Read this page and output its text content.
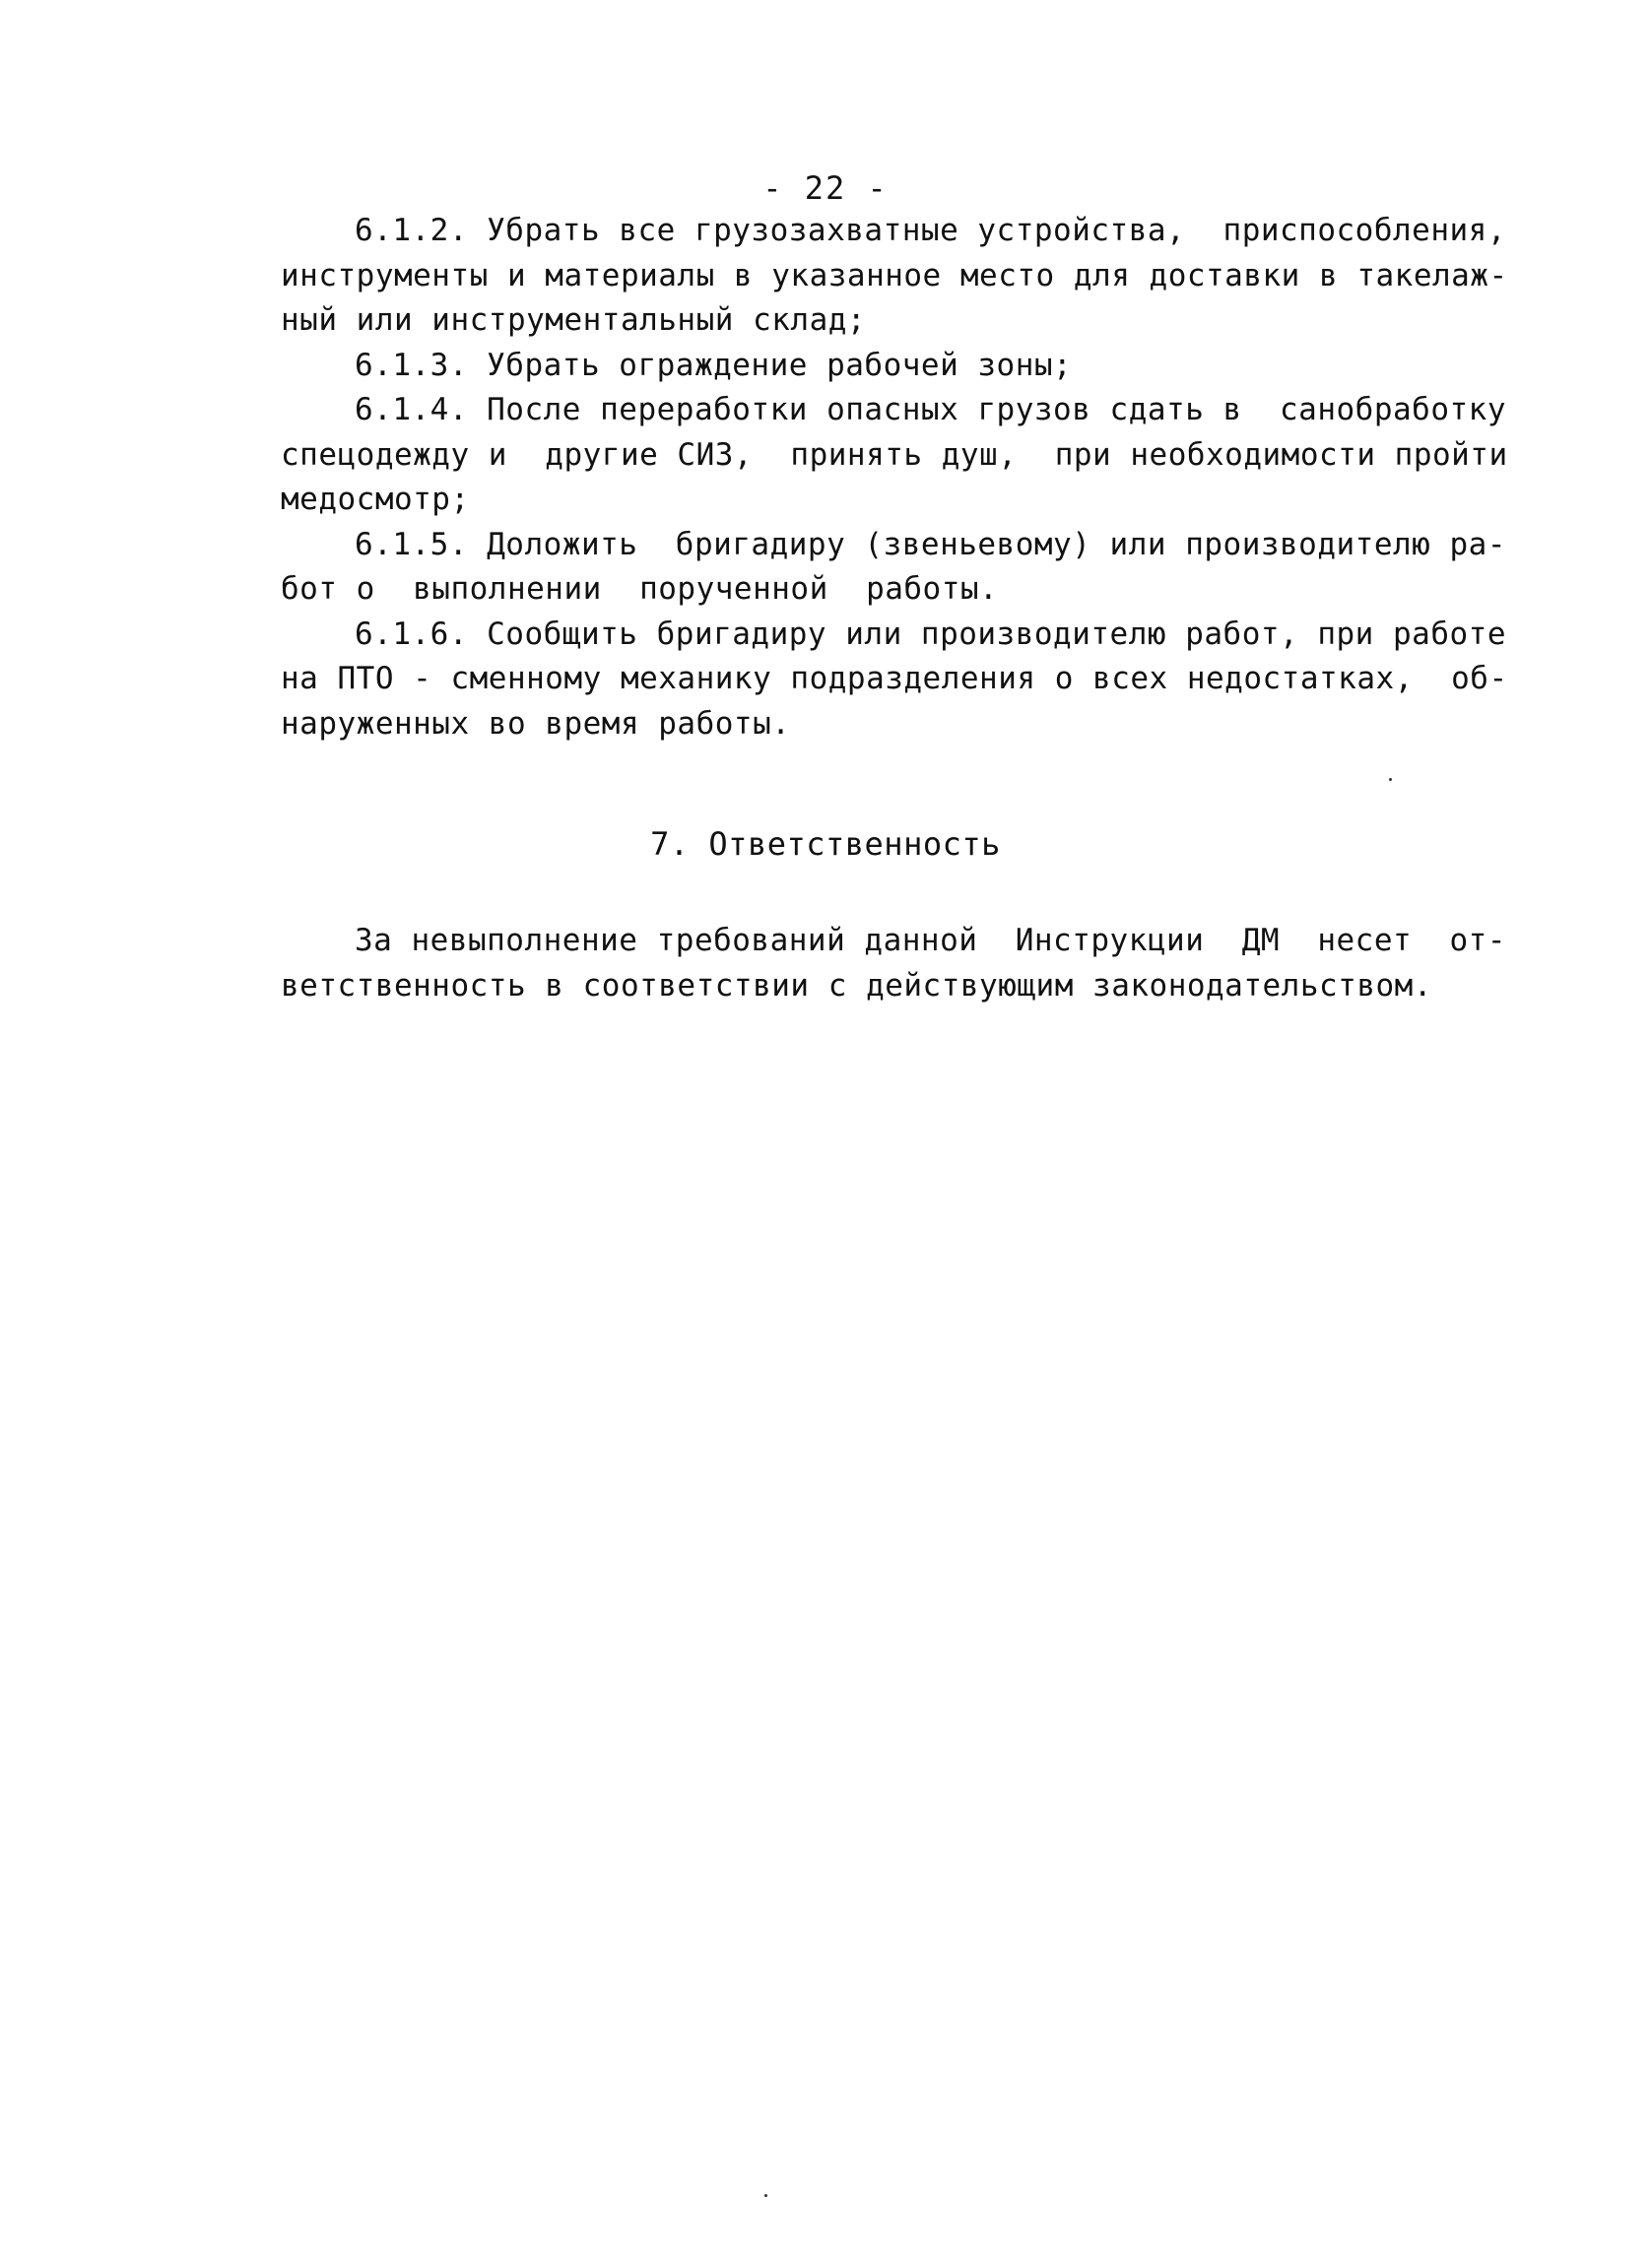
- 22 -
6.1.2. Убрать все грузозахватные устройства,  приспособления,
инструменты и материалы в указанное место для доставки в такелаж-
ный или инструментальный склад;
6.1.3. Убрать ограждение рабочей зоны;
6.1.4. После переработки опасных грузов сдать в  санобработку
спецодежду и  другие СИЗ,  принять душ,  при необходимости пройти
медосмотр;
6.1.5. Доложить  бригадиру (звеньевому) или производителю ра-
бот о  выполнении  порученной  работы.
6.1.6. Сообщить бригадиру или производителю работ, при работе
на ПТО - сменному механику подразделения о всех недостатках,  об-
наруженных во время работы.
7. Ответственность
За невыполнение требований данной  Инструкции  ДМ  несет  от-
ветственность в соответствии с действующим законодательством.
